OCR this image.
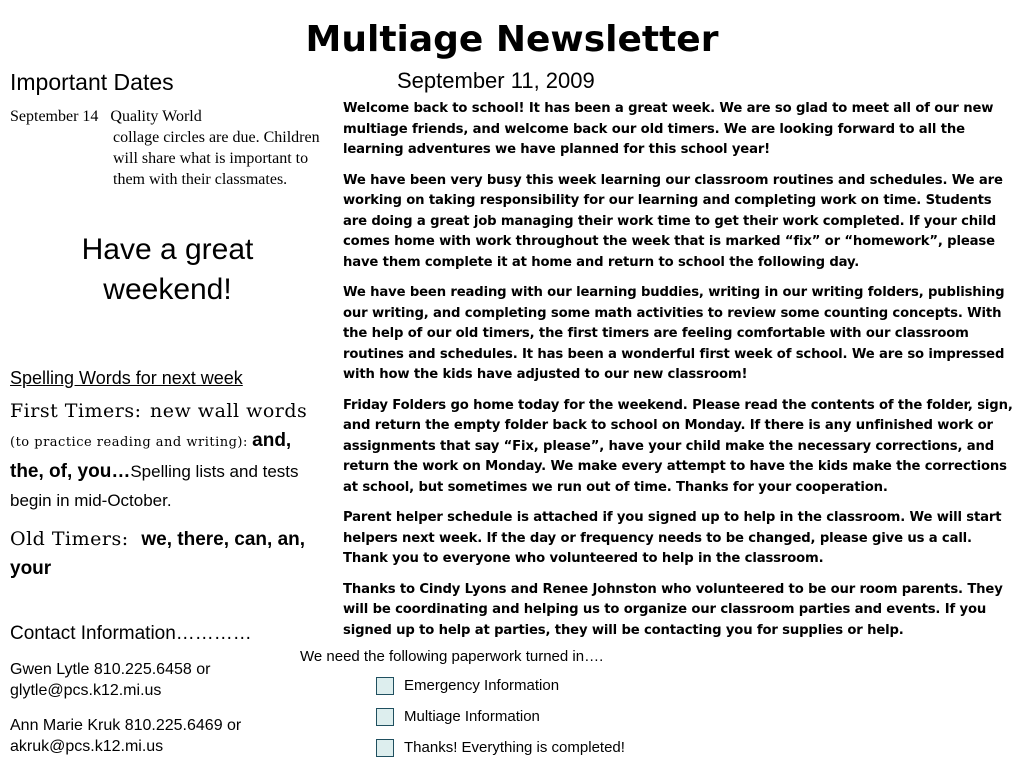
Multiage Newsletter
September 11, 2009
Important Dates
September 14 Quality World
collage circles are due. Children will share what is important to them with their classmates.
Have a great weekend!
Spelling Words for next week
First Timers: new wall words (to practice reading and writing): and, the, of, you…Spelling lists and tests begin in mid-October.
Old Timers: we, there, can, an, your
Contact Information…………
Gwen Lytle 810.225.6458 or glytle@pcs.k12.mi.us
Ann Marie Kruk 810.225.6469 or akruk@pcs.k12.mi.us

Welcome back to school! It has been a great week. We are so glad to meet all of our new multiage friends, and welcome back our old timers. We are looking forward to all the learning adventures we have planned for this school year!

We have been very busy this week learning our classroom routines and schedules. We are working on taking responsibility for our learning and completing work on time. Students are doing a great job managing their work time to get their work completed. If your child comes home with work throughout the week that is marked “fix” or “homework”, please have them complete it at home and return to school the following day.

We have been reading with our learning buddies, writing in our writing folders, publishing our writing, and completing some math activities to review some counting concepts. With the help of our old timers, the first timers are feeling comfortable with our classroom routines and schedules. It has been a wonderful first week of school. We are so impressed with how the kids have adjusted to our new classroom!

Friday Folders go home today for the weekend. Please read the contents of the folder, sign, and return the empty folder back to school on Monday. If there is any unfinished work or assignments that say “Fix, please”, have your child make the necessary corrections, and return the work on Monday. We make every attempt to have the kids make the corrections at school, but sometimes we run out of time. Thanks for your cooperation.

Parent helper schedule is attached if you signed up to help in the classroom. We will start helpers next week. If the day or frequency needs to be changed, please give us a call. Thank you to everyone who volunteered to help in the classroom.

Thanks to Cindy Lyons and Renee Johnston who volunteered to be our room parents. They will be coordinating and helping us to organize our classroom parties and events. If you signed up to help at parties, they will be contacting you for supplies or help.

We need the following paperwork turned in….
Emergency Information
Multiage Information
Thanks! Everything is completed!
